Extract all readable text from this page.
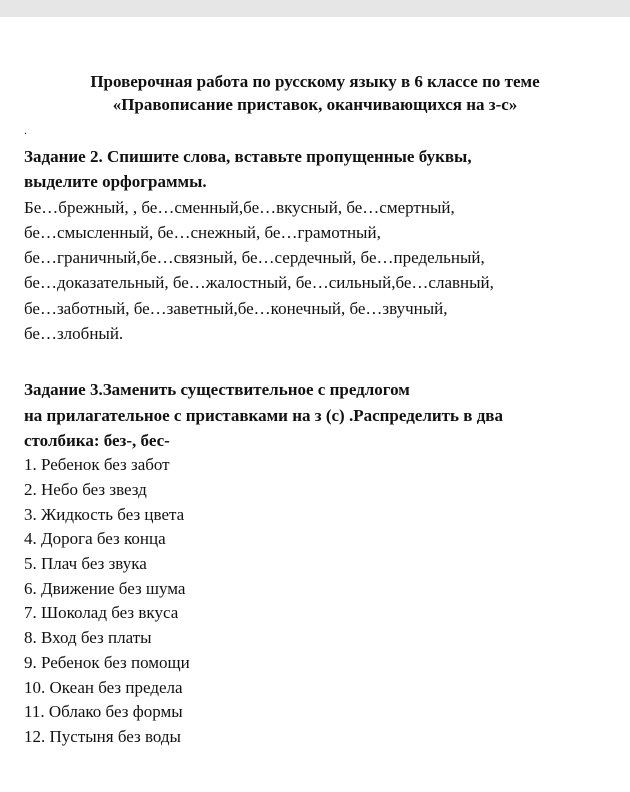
Проверочная работа по русскому языку в 6 классе по теме
«Правописание приставок, оканчивающихся на з-с»
.
Задание 2. Спишите слова, вставьте пропущенные буквы,
выделите орфограммы.
Бе…брежный, , бе…сменный,бе…вкусный, бе…смертный,
бе…смысленный, бе…снежный, бе…грамотный,
бе…граничный,бе…связный, бе…сердечный, бе…предельный,
бе…доказательный, бе…жалостный, бе…сильный,бе…славный,
бе…заботный, бе…заветный,бе…конечный, бе…звучный,
бе…злобный.
Задание 3.Заменить существительное с предлогом
на прилагательное с приставками на з (с) .Распределить в два
столбика: без-, бес-
1. Ребенок без забот
2. Небо без звезд
3. Жидкость без цвета
4. Дорога без конца
5. Плач без звука
6. Движение без шума
7. Шоколад без вкуса
8. Вход без платы
9. Ребенок без помощи
10. Океан без предела
11. Облако без формы
12. Пустыня без воды
